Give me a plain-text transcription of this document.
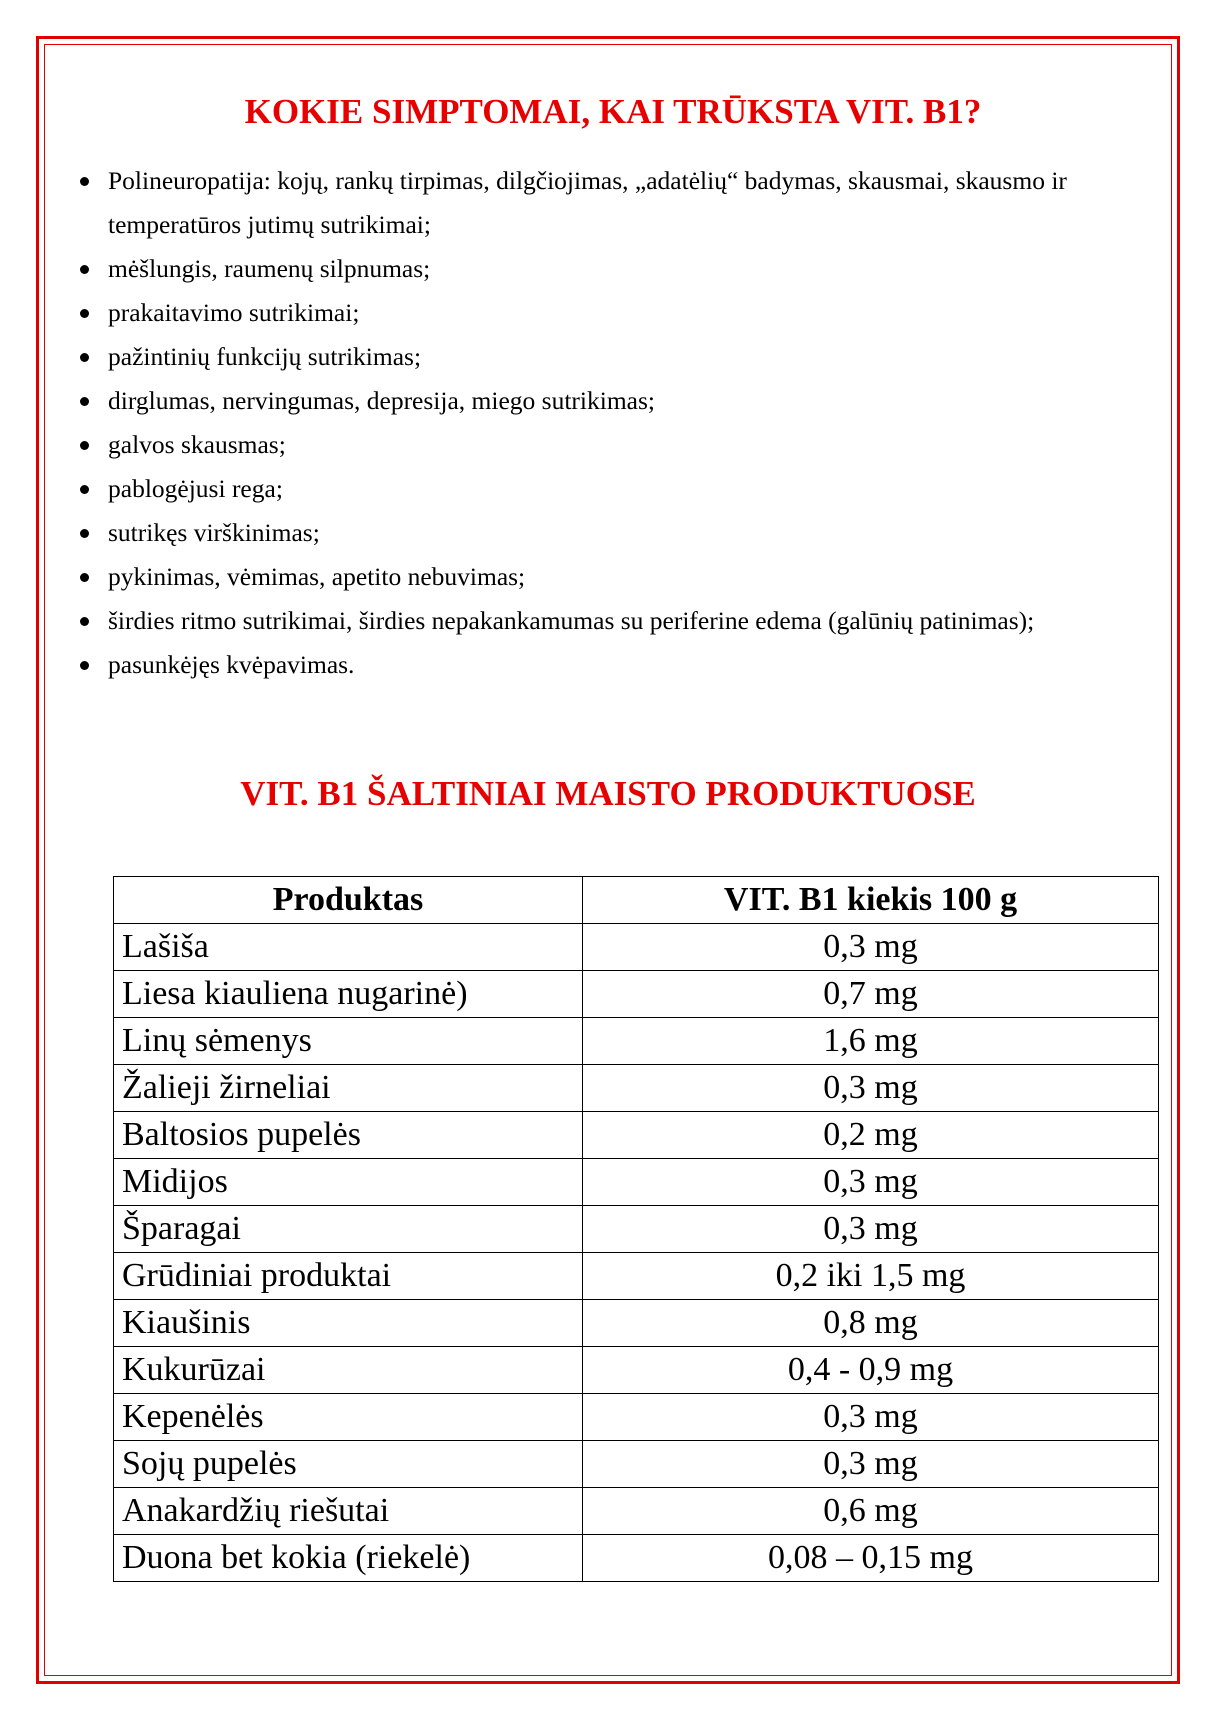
KOKIE SIMPTOMAI, KAI TRŪKSTA VIT. B1?
Polineuropatija: kojų, rankų tirpimas, dilgčiojimas, „adatėlių“ badymas, skausmai, skausmo ir temperatūros jutimų sutrikimai;
mėšlungis, raumenų silpnumas;
prakaitavimo sutrikimai;
pažintinių funkcijų sutrikimas;
dirglumas, nervingumas, depresija, miego sutrikimas;
galvos skausmas;
pablogėjusi rega;
sutrikęs virškinimas;
pykinimas, vėmimas, apetito nebuvimas;
širdies ritmo sutrikimai, širdies nepakankamumas su periferine edema (galūnių patinimas);
pasunkėjęs kvėpavimas.
VIT. B1 ŠALTINIAI MAISTO PRODUKTUOSE
Produktas	VIT. B1 kiekis 100 g
Lašiša	0,3 mg
Liesa kiauliena nugarinė)	0,7 mg
Linų sėmenys	1,6 mg
Žalieji žirneliai	0,3 mg
Baltosios pupelės	0,2 mg
Midijos	0,3 mg
Šparagai	0,3 mg
Grūdiniai produktai	0,2 iki 1,5 mg
Kiaušinis	0,8 mg
Kukurūzai	0,4 - 0,9 mg
Kepenėlės	0,3 mg
Sojų pupelės	0,3 mg
Anakardžių riešutai	0,6 mg
Duona bet kokia (riekelė)	0,08 – 0,15 mg
